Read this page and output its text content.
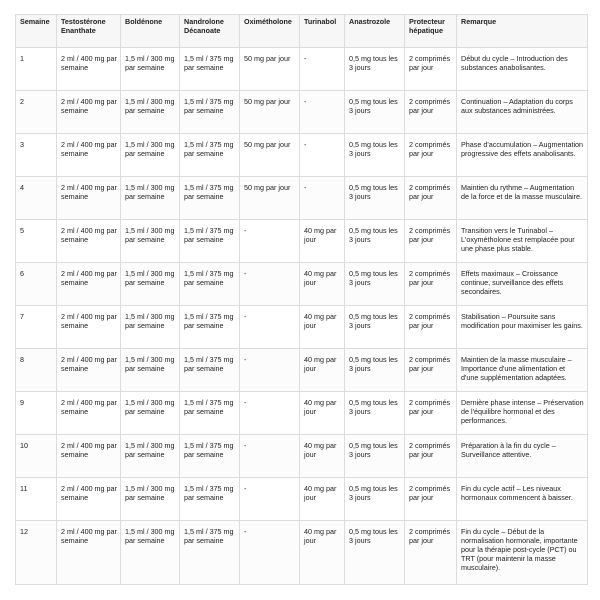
Semaine	Testostérone Enanthate	Boldénone	Nandrolone Décanoate	Oximétholone	Turinabol	Anastrozole	Protecteur hépatique	Remarque
1	2 ml / 400 mg par semaine	1,5 ml / 300 mg par semaine	1,5 ml / 375 mg par semaine	50 mg par jour	-	0,5 mg tous les 3 jours	2 comprimés par jour	Début du cycle – Introduction des substances anabolisantes.
2	2 ml / 400 mg par semaine	1,5 ml / 300 mg par semaine	1,5 ml / 375 mg par semaine	50 mg par jour	-	0,5 mg tous les 3 jours	2 comprimés par jour	Continuation – Adaptation du corps aux substances administrées.
3	2 ml / 400 mg par semaine	1,5 ml / 300 mg par semaine	1,5 ml / 375 mg par semaine	50 mg par jour	-	0,5 mg tous les 3 jours	2 comprimés par jour	Phase d'accumulation – Augmentation progressive des effets anabolisants.
4	2 ml / 400 mg par semaine	1,5 ml / 300 mg par semaine	1,5 ml / 375 mg par semaine	50 mg par jour	-	0,5 mg tous les 3 jours	2 comprimés par jour	Maintien du rythme – Augmentation de la force et de la masse musculaire.
5	2 ml / 400 mg par semaine	1,5 ml / 300 mg par semaine	1,5 ml / 375 mg par semaine	-	40 mg par jour	0,5 mg tous les 3 jours	2 comprimés par jour	Transition vers le Turinabol – L'oxymétholone est remplacée pour une phase plus stable.
6	2 ml / 400 mg par semaine	1,5 ml / 300 mg par semaine	1,5 ml / 375 mg par semaine	-	40 mg par jour	0,5 mg tous les 3 jours	2 comprimés par jour	Effets maximaux – Croissance continue, surveillance des effets secondaires.
7	2 ml / 400 mg par semaine	1,5 ml / 300 mg par semaine	1,5 ml / 375 mg par semaine	-	40 mg par jour	0,5 mg tous les 3 jours	2 comprimés par jour	Stabilisation – Poursuite sans modification pour maximiser les gains.
8	2 ml / 400 mg par semaine	1,5 ml / 300 mg par semaine	1,5 ml / 375 mg par semaine	-	40 mg par jour	0,5 mg tous les 3 jours	2 comprimés par jour	Maintien de la masse musculaire – Importance d'une alimentation et d'une supplémentation adaptées.
9	2 ml / 400 mg par semaine	1,5 ml / 300 mg par semaine	1,5 ml / 375 mg par semaine	-	40 mg par jour	0,5 mg tous les 3 jours	2 comprimés par jour	Dernière phase intense – Préservation de l'équilibre hormonal et des performances.
10	2 ml / 400 mg par semaine	1,5 ml / 300 mg par semaine	1,5 ml / 375 mg par semaine	-	40 mg par jour	0,5 mg tous les 3 jours	2 comprimés par jour	Préparation à la fin du cycle – Surveillance attentive.
11	2 ml / 400 mg par semaine	1,5 ml / 300 mg par semaine	1,5 ml / 375 mg par semaine	-	40 mg par jour	0,5 mg tous les 3 jours	2 comprimés par jour	Fin du cycle actif – Les niveaux hormonaux commencent à baisser.
12	2 ml / 400 mg par semaine	1,5 ml / 300 mg par semaine	1,5 ml / 375 mg par semaine	-	40 mg par jour	0,5 mg tous les 3 jours	2 comprimés par jour	Fin du cycle – Début de la normalisation hormonale, importante pour la thérapie post-cycle (PCT) ou TRT (pour maintenir la masse musculaire).
